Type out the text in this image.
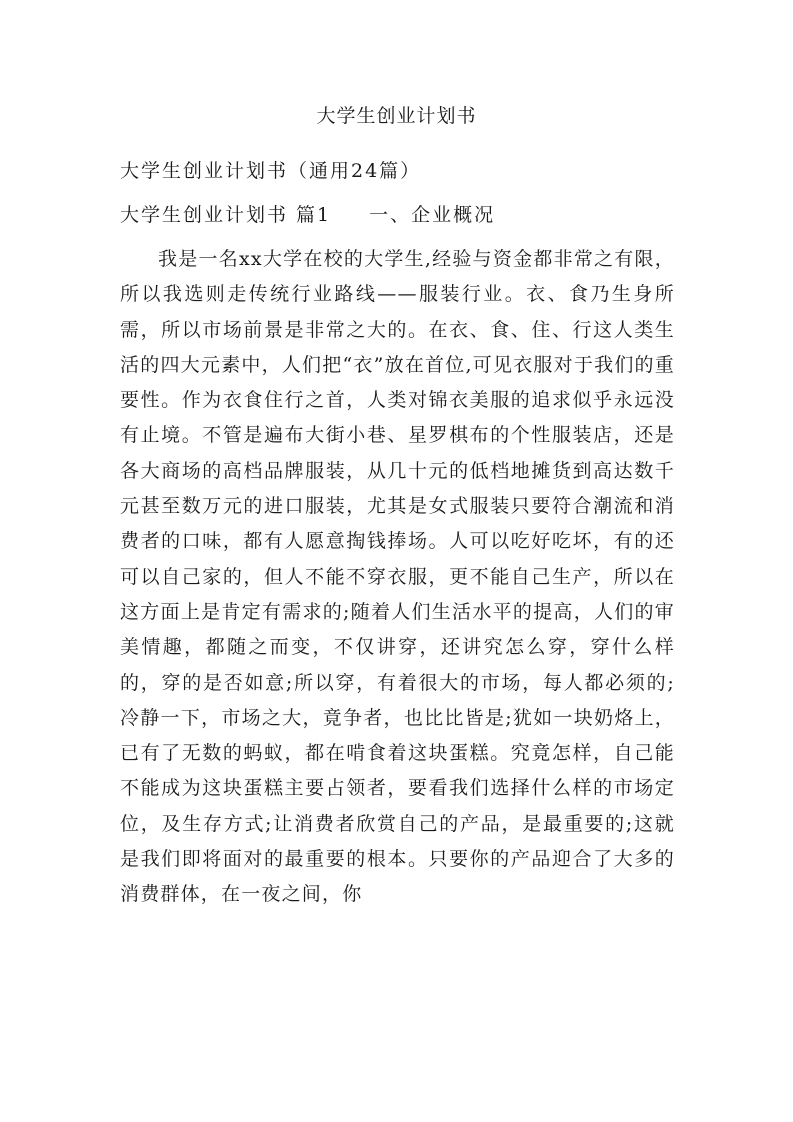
大学生创业计划书
大学生创业计划书（通用24篇）
大学生创业计划书 篇1 一、企业概况

我是一名xx大学在校的大学生,经验与资金都非常之有限，所以我选则走传统行业路线——服装行业。衣、食乃生身所需，所以市场前景是非常之大的。在衣、食、住、行这人类生活的四大元素中，人们把“衣”放在首位,可见衣服对于我们的重要性。作为衣食住行之首，人类对锦衣美服的追求似乎永远没有止境。不管是遍布大街小巷、星罗棋布的个性服装店，还是各大商场的高档品牌服装，从几十元的低档地摊货到高达数千元甚至数万元的进口服装，尤其是女式服装只要符合潮流和消费者的口味，都有人愿意掏钱捧场。人可以吃好吃坏，有的还可以自己家的，但人不能不穿衣服，更不能自己生产，所以在这方面上是肯定有需求的;随着人们生活水平的提高，人们的审美情趣，都随之而变，不仅讲穿，还讲究怎么穿，穿什么样的，穿的是否如意;所以穿，有着很大的市场，每人都必须的;冷静一下，市场之大，竟争者，也比比皆是;犹如一块奶烙上，已有了无数的蚂蚁，都在啃食着这块蛋糕。究竟怎样，自己能不能成为这块蛋糕主要占领者，要看我们选择什么样的市场定位，及生存方式;让消费者欣赏自己的产品，是最重要的;这就是我们即将面对的最重要的根本。只要你的产品迎合了大多的消费群体，在一夜之间，你
